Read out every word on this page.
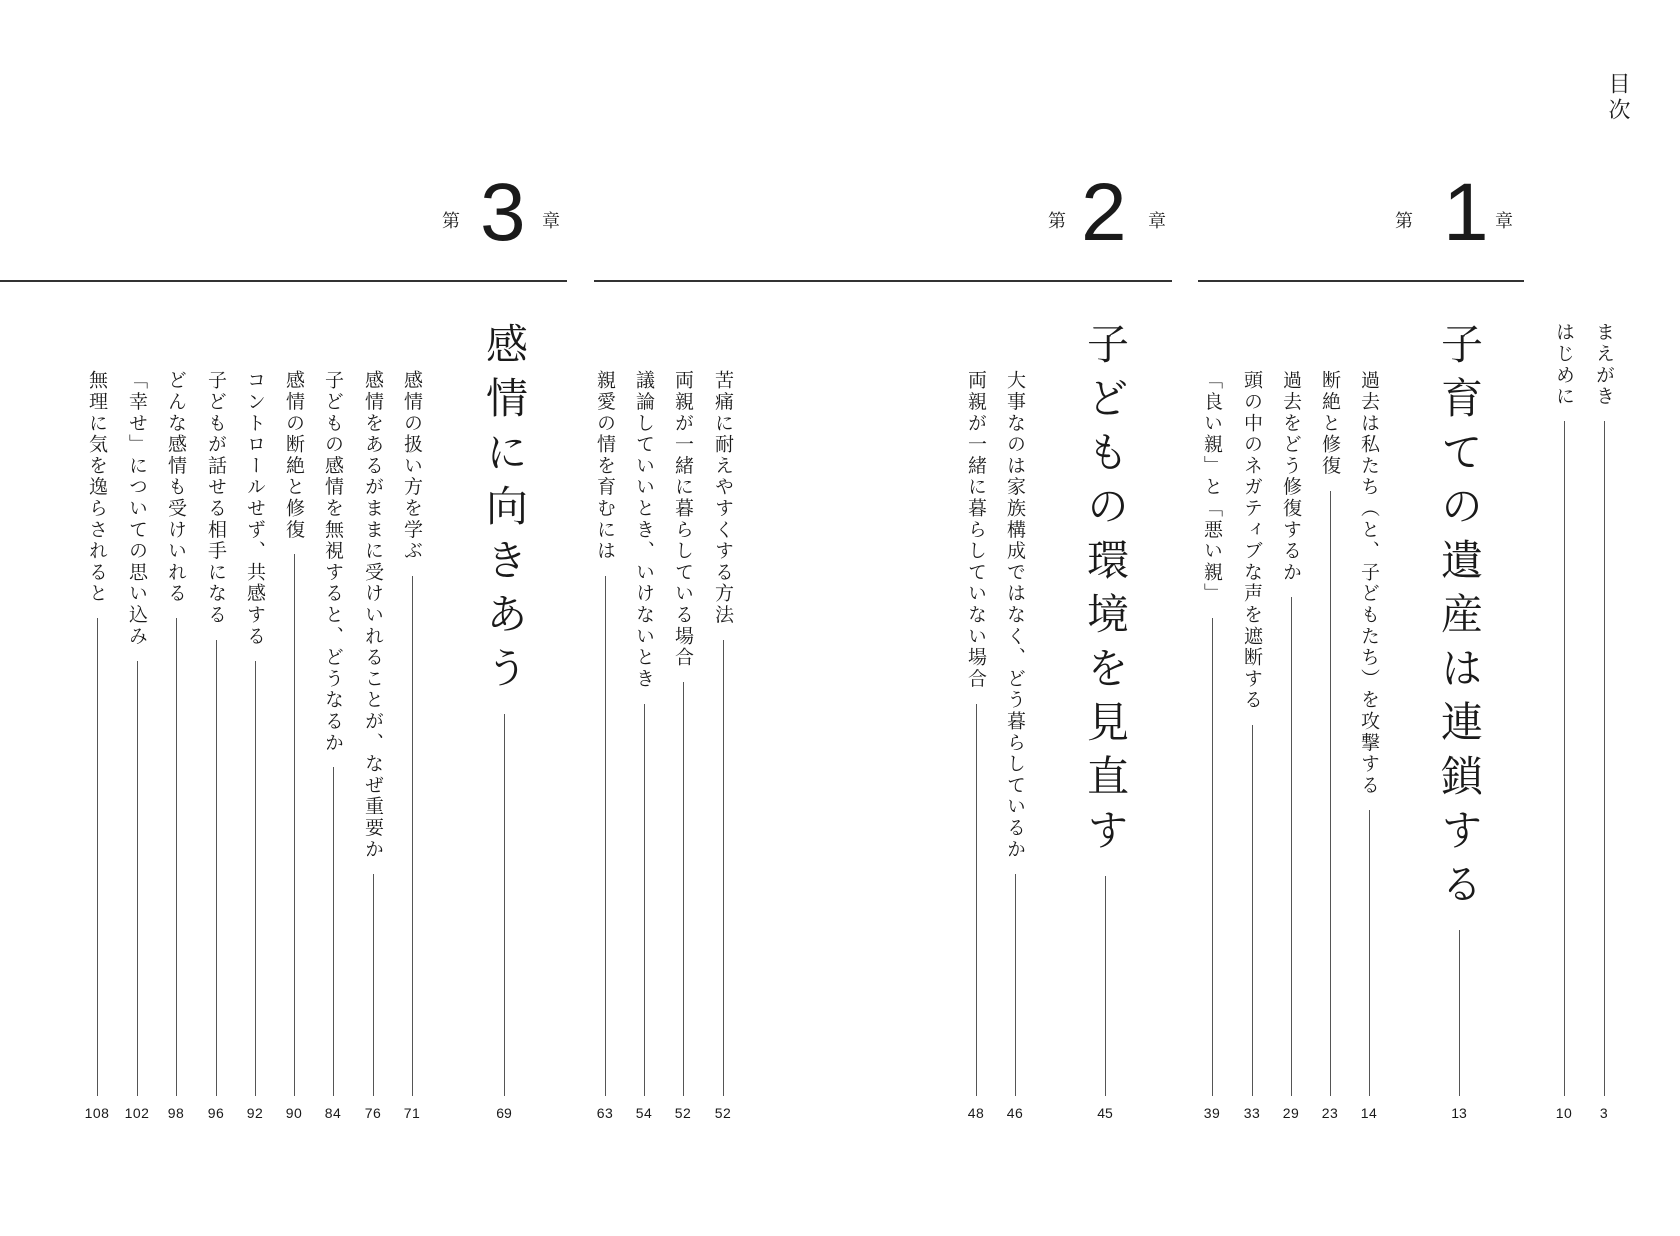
目次
第 1 章
第 2 章
第 3 章
まえがき
3
はじめに
10
子育ての遺産は連鎖する
13
過去は私たち（と、子どもたち）を攻撃する
14
断絶と修復
23
過去をどう修復するか
29
頭の中のネガティブな声を遮断する
33
「良い親」と「悪い親」
39
子どもの環境を見直す
45
大事なのは家族構成ではなく、どう暮らしているか
46
両親が一緒に暮らしていない場合
48
苦痛に耐えやすくする方法
52
両親が一緒に暮らしている場合
52
議論していいとき、いけないとき
54
親愛の情を育むには
63
感情に向きあう
69
感情の扱い方を学ぶ
71
感情をあるがままに受けいれることが、なぜ重要か
76
子どもの感情を無視すると、どうなるか
84
感情の断絶と修復
90
コントロールせず、共感する
92
子どもが話せる相手になる
96
どんな感情も受けいれる
98
「幸せ」についての思い込み
102
無理に気を逸らされると
108
